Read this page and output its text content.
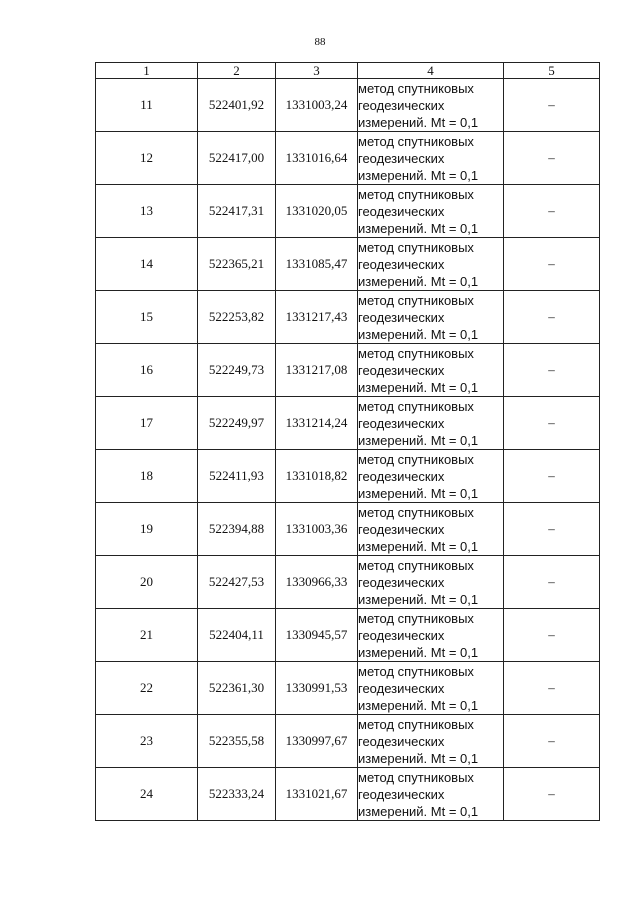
88
1	2	3	4	5
11	522401,92	1331003,24	метод спутниковых
геодезических
измерений. Mt = 0,1	–
12	522417,00	1331016,64	метод спутниковых
геодезических
измерений. Mt = 0,1	–
13	522417,31	1331020,05	метод спутниковых
геодезических
измерений. Mt = 0,1	–
14	522365,21	1331085,47	метод спутниковых
геодезических
измерений. Mt = 0,1	–
15	522253,82	1331217,43	метод спутниковых
геодезических
измерений. Mt = 0,1	–
16	522249,73	1331217,08	метод спутниковых
геодезических
измерений. Mt = 0,1	–
17	522249,97	1331214,24	метод спутниковых
геодезических
измерений. Mt = 0,1	–
18	522411,93	1331018,82	метод спутниковых
геодезических
измерений. Mt = 0,1	–
19	522394,88	1331003,36	метод спутниковых
геодезических
измерений. Mt = 0,1	–
20	522427,53	1330966,33	метод спутниковых
геодезических
измерений. Mt = 0,1	–
21	522404,11	1330945,57	метод спутниковых
геодезических
измерений. Mt = 0,1	–
22	522361,30	1330991,53	метод спутниковых
геодезических
измерений. Mt = 0,1	–
23	522355,58	1330997,67	метод спутниковых
геодезических
измерений. Mt = 0,1	–
24	522333,24	1331021,67	метод спутниковых
геодезических
измерений. Mt = 0,1	–
